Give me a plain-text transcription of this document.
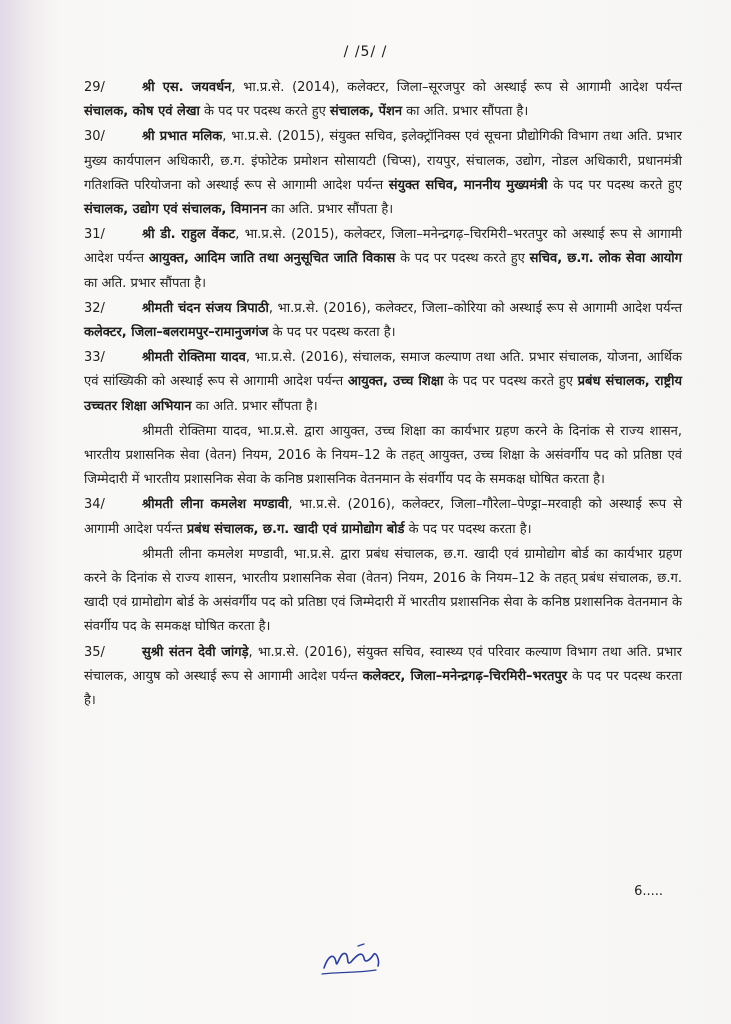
/ /5/ /

29/	श्री एस. जयवर्धन, भा.प्र.से. (2014), कलेक्टर, जिला–सूरजपुर को अस्थाई रूप से आगामी आदेश पर्यन्त संचालक, कोष एवं लेखा के पद पर पदस्थ करते हुए संचालक, पेंशन का अति. प्रभार सौंपता है।

30/	श्री प्रभात मलिक, भा.प्र.से. (2015), संयुक्त सचिव, इलेक्ट्रॉनिक्स एवं सूचना प्रौद्योगिकी विभाग तथा अति. प्रभार मुख्य कार्यपालन अधिकारी, छ.ग. इंफोटेक प्रमोशन सोसायटी (चिप्स), रायपुर, संचालक, उद्योग, नोडल अधिकारी, प्रधानमंत्री गतिशक्ति परियोजना को अस्थाई रूप से आगामी आदेश पर्यन्त संयुक्त सचिव, माननीय मुख्यमंत्री के पद पर पदस्थ करते हुए संचालक, उद्योग एवं संचालक, विमानन का अति. प्रभार सौंपता है।

31/	श्री डी. राहुल वेंकट, भा.प्र.से. (2015), कलेक्टर, जिला–मनेन्द्रगढ़–चिरमिरी–भरतपुर को अस्थाई रूप से आगामी आदेश पर्यन्त आयुक्त, आदिम जाति तथा अनुसूचित जाति विकास के पद पर पदस्थ करते हुए सचिव, छ.ग. लोक सेवा आयोग का अति. प्रभार सौंपता है।

32/	श्रीमती चंदन संजय त्रिपाठी, भा.प्र.से. (2016), कलेक्टर, जिला–कोरिया को अस्थाई रूप से आगामी आदेश पर्यन्त कलेक्टर, जिला–बलरामपुर–रामानुजगंज के पद पर पदस्थ करता है।

33/	श्रीमती रोक्तिमा यादव, भा.प्र.से. (2016), संचालक, समाज कल्याण तथा अति. प्रभार संचालक, योजना, आर्थिक एवं सांख्यिकी को अस्थाई रूप से आगामी आदेश पर्यन्त आयुक्त, उच्च शिक्षा के पद पर पदस्थ करते हुए प्रबंध संचालक, राष्ट्रीय उच्चतर शिक्षा अभियान का अति. प्रभार सौंपता है।

श्रीमती रोक्तिमा यादव, भा.प्र.से. द्वारा आयुक्त, उच्च शिक्षा का कार्यभार ग्रहण करने के दिनांक से राज्य शासन, भारतीय प्रशासनिक सेवा (वेतन) नियम, 2016 के नियम–12 के तहत् आयुक्त, उच्च शिक्षा के असंवर्गीय पद को प्रतिष्ठा एवं जिम्मेदारी में भारतीय प्रशासनिक सेवा के कनिष्ठ प्रशासनिक वेतनमान के संवर्गीय पद के समकक्ष घोषित करता है।

34/	श्रीमती लीना कमलेश मण्डावी, भा.प्र.से. (2016), कलेक्टर, जिला–गौरेला–पेण्ड्रा–मरवाही को अस्थाई रूप से आगामी आदेश पर्यन्त प्रबंध संचालक, छ.ग. खादी एवं ग्रामोद्योग बोर्ड के पद पर पदस्थ करता है।

श्रीमती लीना कमलेश मण्डावी, भा.प्र.से. द्वारा प्रबंध संचालक, छ.ग. खादी एवं ग्रामोद्योग बोर्ड का कार्यभार ग्रहण करने के दिनांक से राज्य शासन, भारतीय प्रशासनिक सेवा (वेतन) नियम, 2016 के नियम–12 के तहत् प्रबंध संचालक, छ.ग. खादी एवं ग्रामोद्योग बोर्ड के असंवर्गीय पद को प्रतिष्ठा एवं जिम्मेदारी में भारतीय प्रशासनिक सेवा के कनिष्ठ प्रशासनिक वेतनमान के संवर्गीय पद के समकक्ष घोषित करता है।

35/	सुश्री संतन देवी जांगड़े, भा.प्र.से. (2016), संयुक्त सचिव, स्वास्थ्य एवं परिवार कल्याण विभाग तथा अति. प्रभार संचालक, आयुष को अस्थाई रूप से आगामी आदेश पर्यन्त कलेक्टर, जिला–मनेन्द्रगढ़–चिरमिरी–भरतपुर के पद पर पदस्थ करता है।

6.....
